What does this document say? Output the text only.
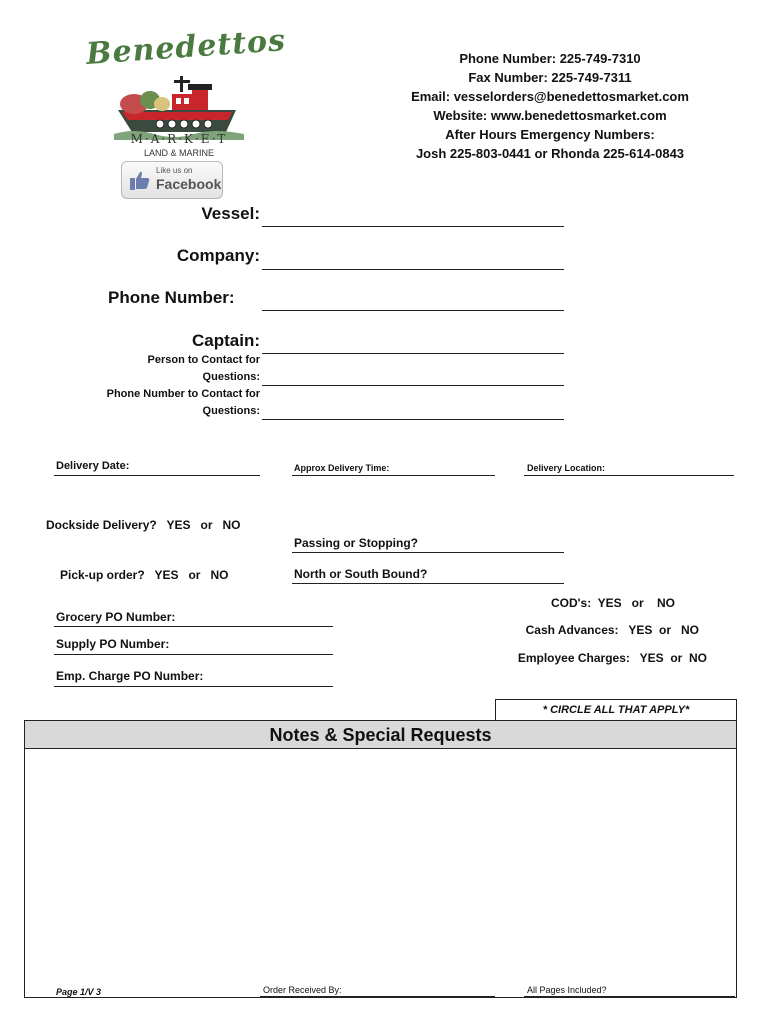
Benedettos
M·A·R·K·E·T
LAND & MARINE
Like us on
Facebook
Phone Number: 225-749-7310
Fax Number: 225-749-7311
Email: vesselorders@benedettosmarket.com
Website: www.benedettosmarket.com
After Hours Emergency Numbers:
Josh 225-803-0441 or Rhonda 225-614-0843
Vessel:
Company:
Phone Number:
Captain:
Person to Contact for
Questions:
Phone Number to Contact for
Questions:
Delivery Date:	Approx Delivery Time:	Delivery Location:
Dockside Delivery?   YES   or   NO
Passing or Stopping?
Pick-up order?   YES   or   NO	North or South Bound?
Grocery PO Number:
Supply PO Number:
Emp. Charge PO Number:
COD's:  YES   or    NO
Cash Advances:   YES  or   NO
Employee Charges:   YES  or  NO
* CIRCLE ALL THAT APPLY*
Notes & Special Requests
Page 1/V 3	Order Received By:	All Pages Included?
